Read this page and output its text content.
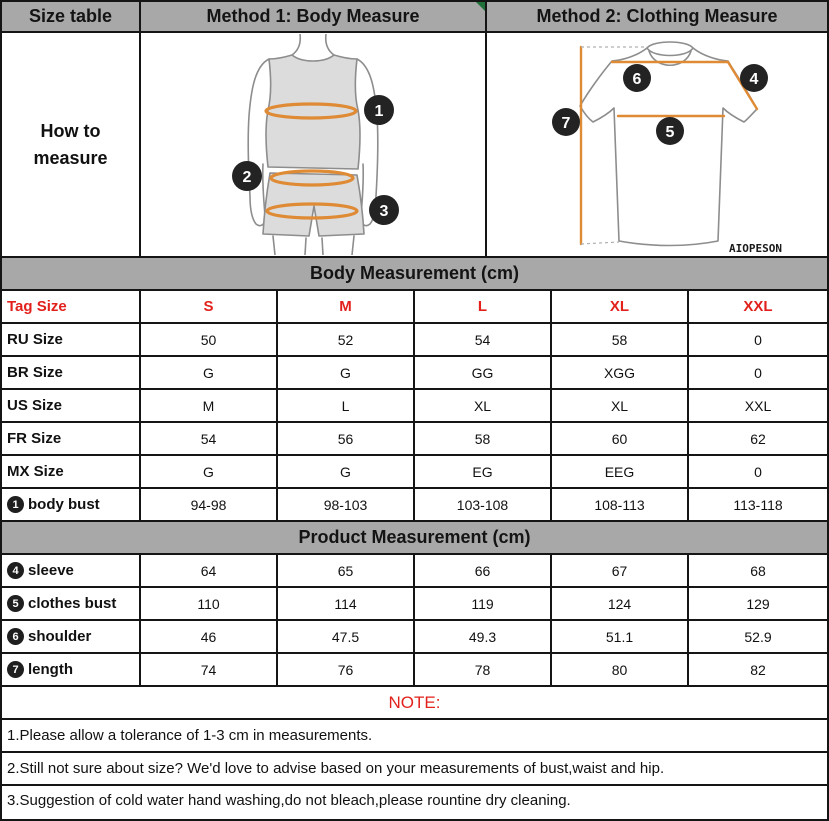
Size table	Method 1: Body Measure	Method 2: Clothing Measure
How to measure
1
2
3
6	4
5
7
AIOPESON
Body Measurement (cm)
Tag Size	S	M	L	XL	XXL
RU Size	50	52	54	58	0
BR Size	G	G	GG	XGG	0
US Size	M	L	XL	XL	XXL
FR Size	54	56	58	60	62
MX Size	G	G	EG	EEG	0
1 body bust	94-98	98-103	103-108	108-113	113-118
Product Measurement (cm)
4 sleeve	64	65	66	67	68
5 clothes bust	110	114	119	124	129
6 shoulder	46	47.5	49.3	51.1	52.9
7 length	74	76	78	80	82
NOTE:
1.Please allow a tolerance of 1-3 cm in measurements.
2.Still not sure about size? We'd love to advise based on your measurements of bust,waist and hip.
3.Suggestion of cold water hand washing,do not bleach,please rountine dry cleaning.
